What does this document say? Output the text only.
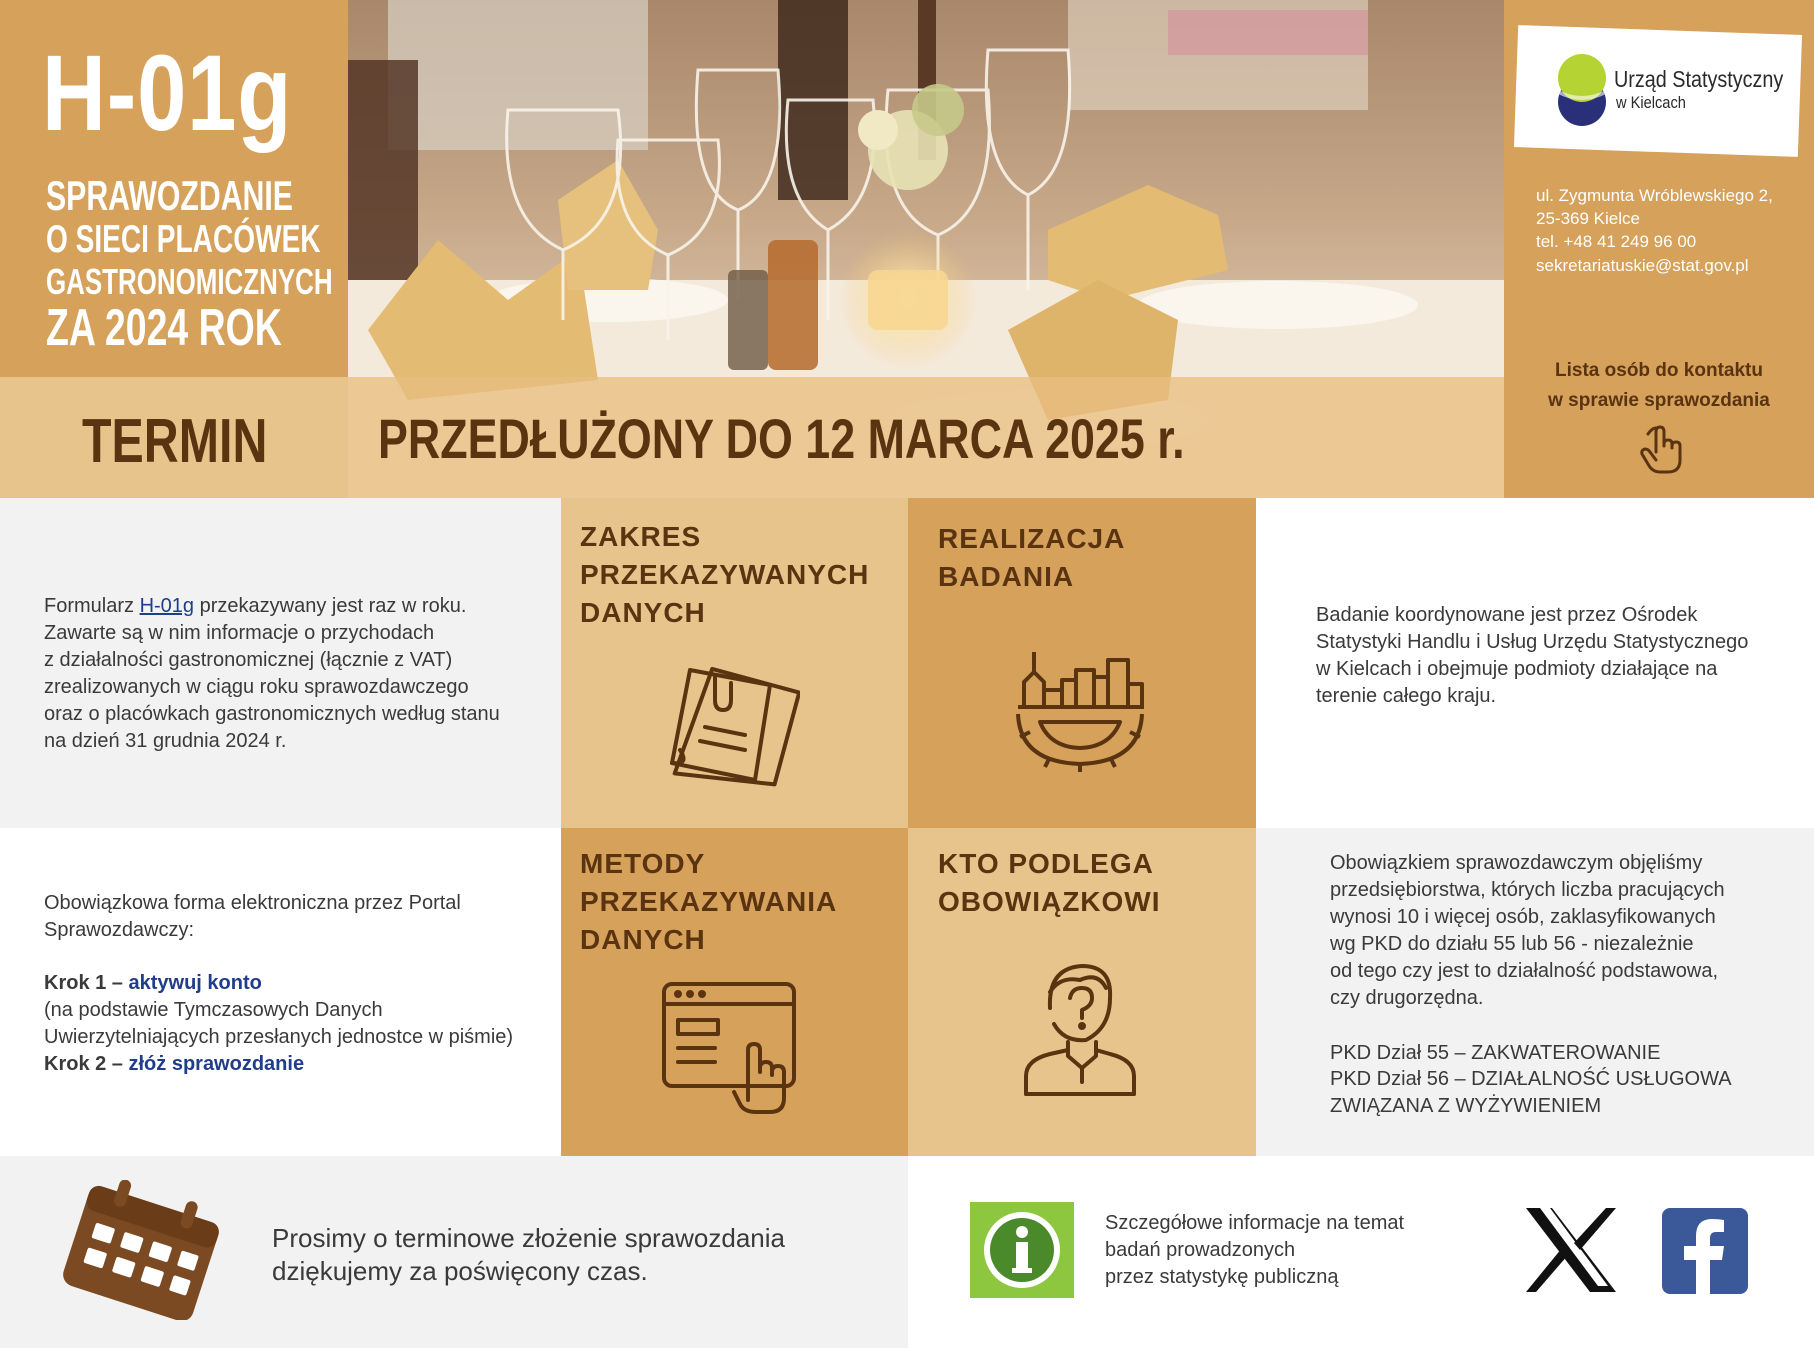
H-01g
SPRAWOZDANIE
O SIECI PLACÓWEK
GASTRONOMICZNYCH
ZA 2024 ROK
TERMIN PRZEDŁUŻONY DO 12 MARCA 2025 r.
Urząd Statystyczny
w Kielcach
ul. Zygmunta Wróblewskiego 2,
25-369 Kielce
tel. +48 41 249 96 00
sekretariatuskie@stat.gov.pl
Lista osób do kontaktu
w sprawie sprawozdania
Formularz H-01g przekazywany jest raz w roku.
Zawarte są w nim informacje o przychodach
z działalności gastronomicznej (łącznie z VAT)
zrealizowanych w ciągu roku sprawozdawczego
oraz o placówkach gastronomicznych według stanu
na dzień 31 grudnia 2024 r.
ZAKRES
PRZEKAZYWANYCH
DANYCH
REALIZACJA
BADANIA
Badanie koordynowane jest przez Ośrodek
Statystyki Handlu i Usług Urzędu Statystycznego
w Kielcach i obejmuje podmioty działające na
terenie całego kraju.
Obowiązkowa forma elektroniczna przez Portal
Sprawozdawczy:
Krok 1 – aktywuj konto
(na podstawie Tymczasowych Danych
Uwierzytelniających przesłanych jednostce w piśmie)
Krok 2 – złóż sprawozdanie
METODY
PRZEKAZYWANIA
DANYCH
KTO PODLEGA
OBOWIĄZKOWI
Obowiązkiem sprawozdawczym objęliśmy
przedsiębiorstwa, których liczba pracujących
wynosi 10 i więcej osób, zaklasyfikowanych
wg PKD do działu 55 lub 56 - niezależnie
od tego czy jest to działalność podstawowa,
czy drugorzędna.
PKD Dział 55 – ZAKWATEROWANIE
PKD Dział 56 – DZIAŁALNOŚĆ USŁUGOWA
ZWIĄZANA Z WYŻYWIENIEM
Prosimy o terminowe złożenie sprawozdania
dziękujemy za poświęcony czas.
Szczegółowe informacje na temat
badań prowadzonych
przez statystykę publiczną
